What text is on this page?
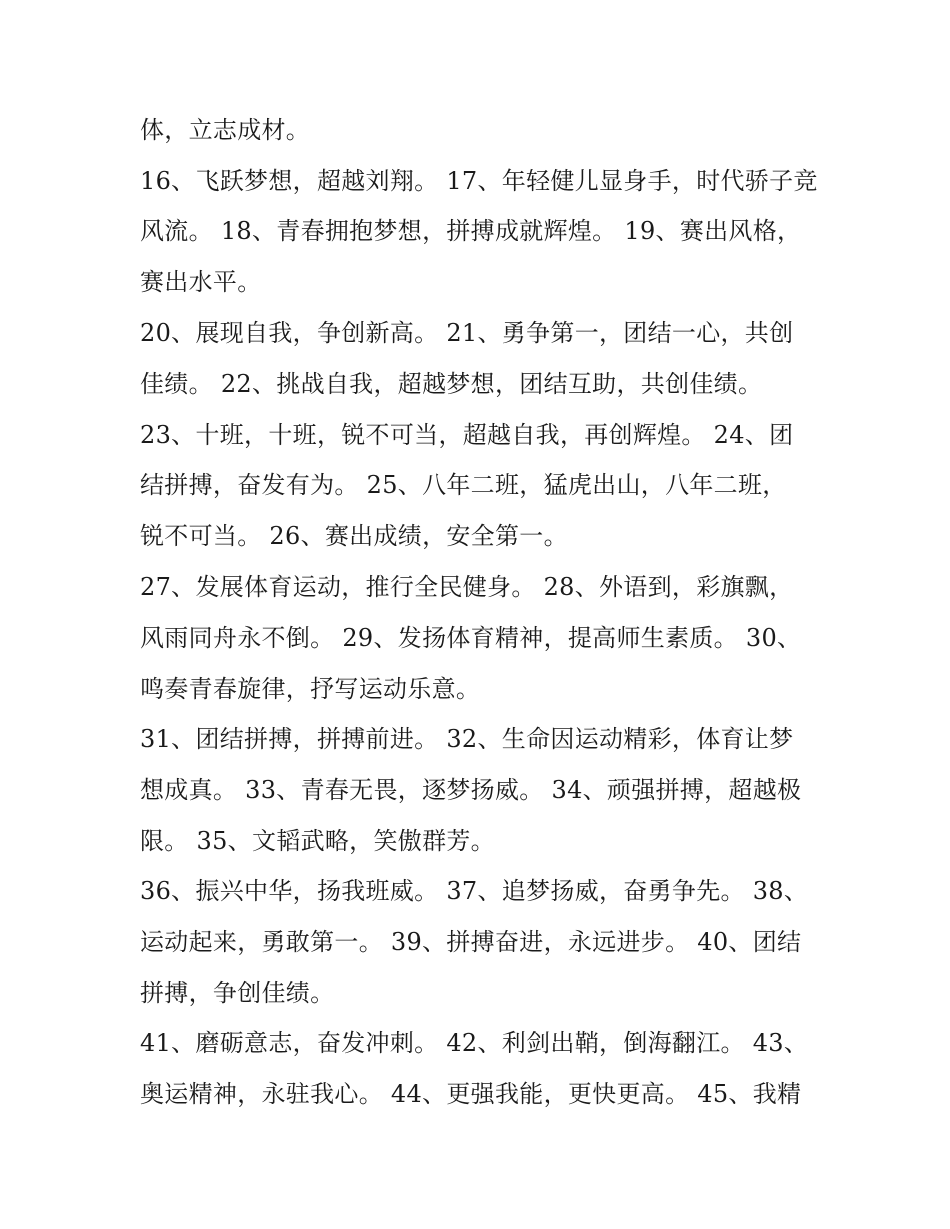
体，立志成材。
16、飞跃梦想，超越刘翔。 17、年轻健儿显身手，时代骄子竞
风流。 18、青春拥抱梦想，拼搏成就辉煌。 19、赛出风格，
赛出水平。
20、展现自我，争创新高。 21、勇争第一，团结一心，共创
佳绩。 22、挑战自我，超越梦想，团结互助，共创佳绩。
23、十班，十班，锐不可当，超越自我，再创辉煌。 24、团
结拼搏，奋发有为。 25、八年二班，猛虎出山，八年二班，
锐不可当。 26、赛出成绩，安全第一。
27、发展体育运动，推行全民健身。 28、外语到，彩旗飘，
风雨同舟永不倒。 29、发扬体育精神，提高师生素质。 30、
鸣奏青春旋律，抒写运动乐意。
31、团结拼搏，拼搏前进。 32、生命因运动精彩，体育让梦
想成真。 33、青春无畏，逐梦扬威。 34、顽强拼搏，超越极
限。 35、文韬武略，笑傲群芳。
36、振兴中华，扬我班威。 37、追梦扬威，奋勇争先。 38、
运动起来，勇敢第一。 39、拼搏奋进，永远进步。 40、团结
拼搏，争创佳绩。
41、磨砺意志，奋发冲刺。 42、利剑出鞘，倒海翻江。 43、
奥运精神，永驻我心。 44、更强我能，更快更高。 45、我精
